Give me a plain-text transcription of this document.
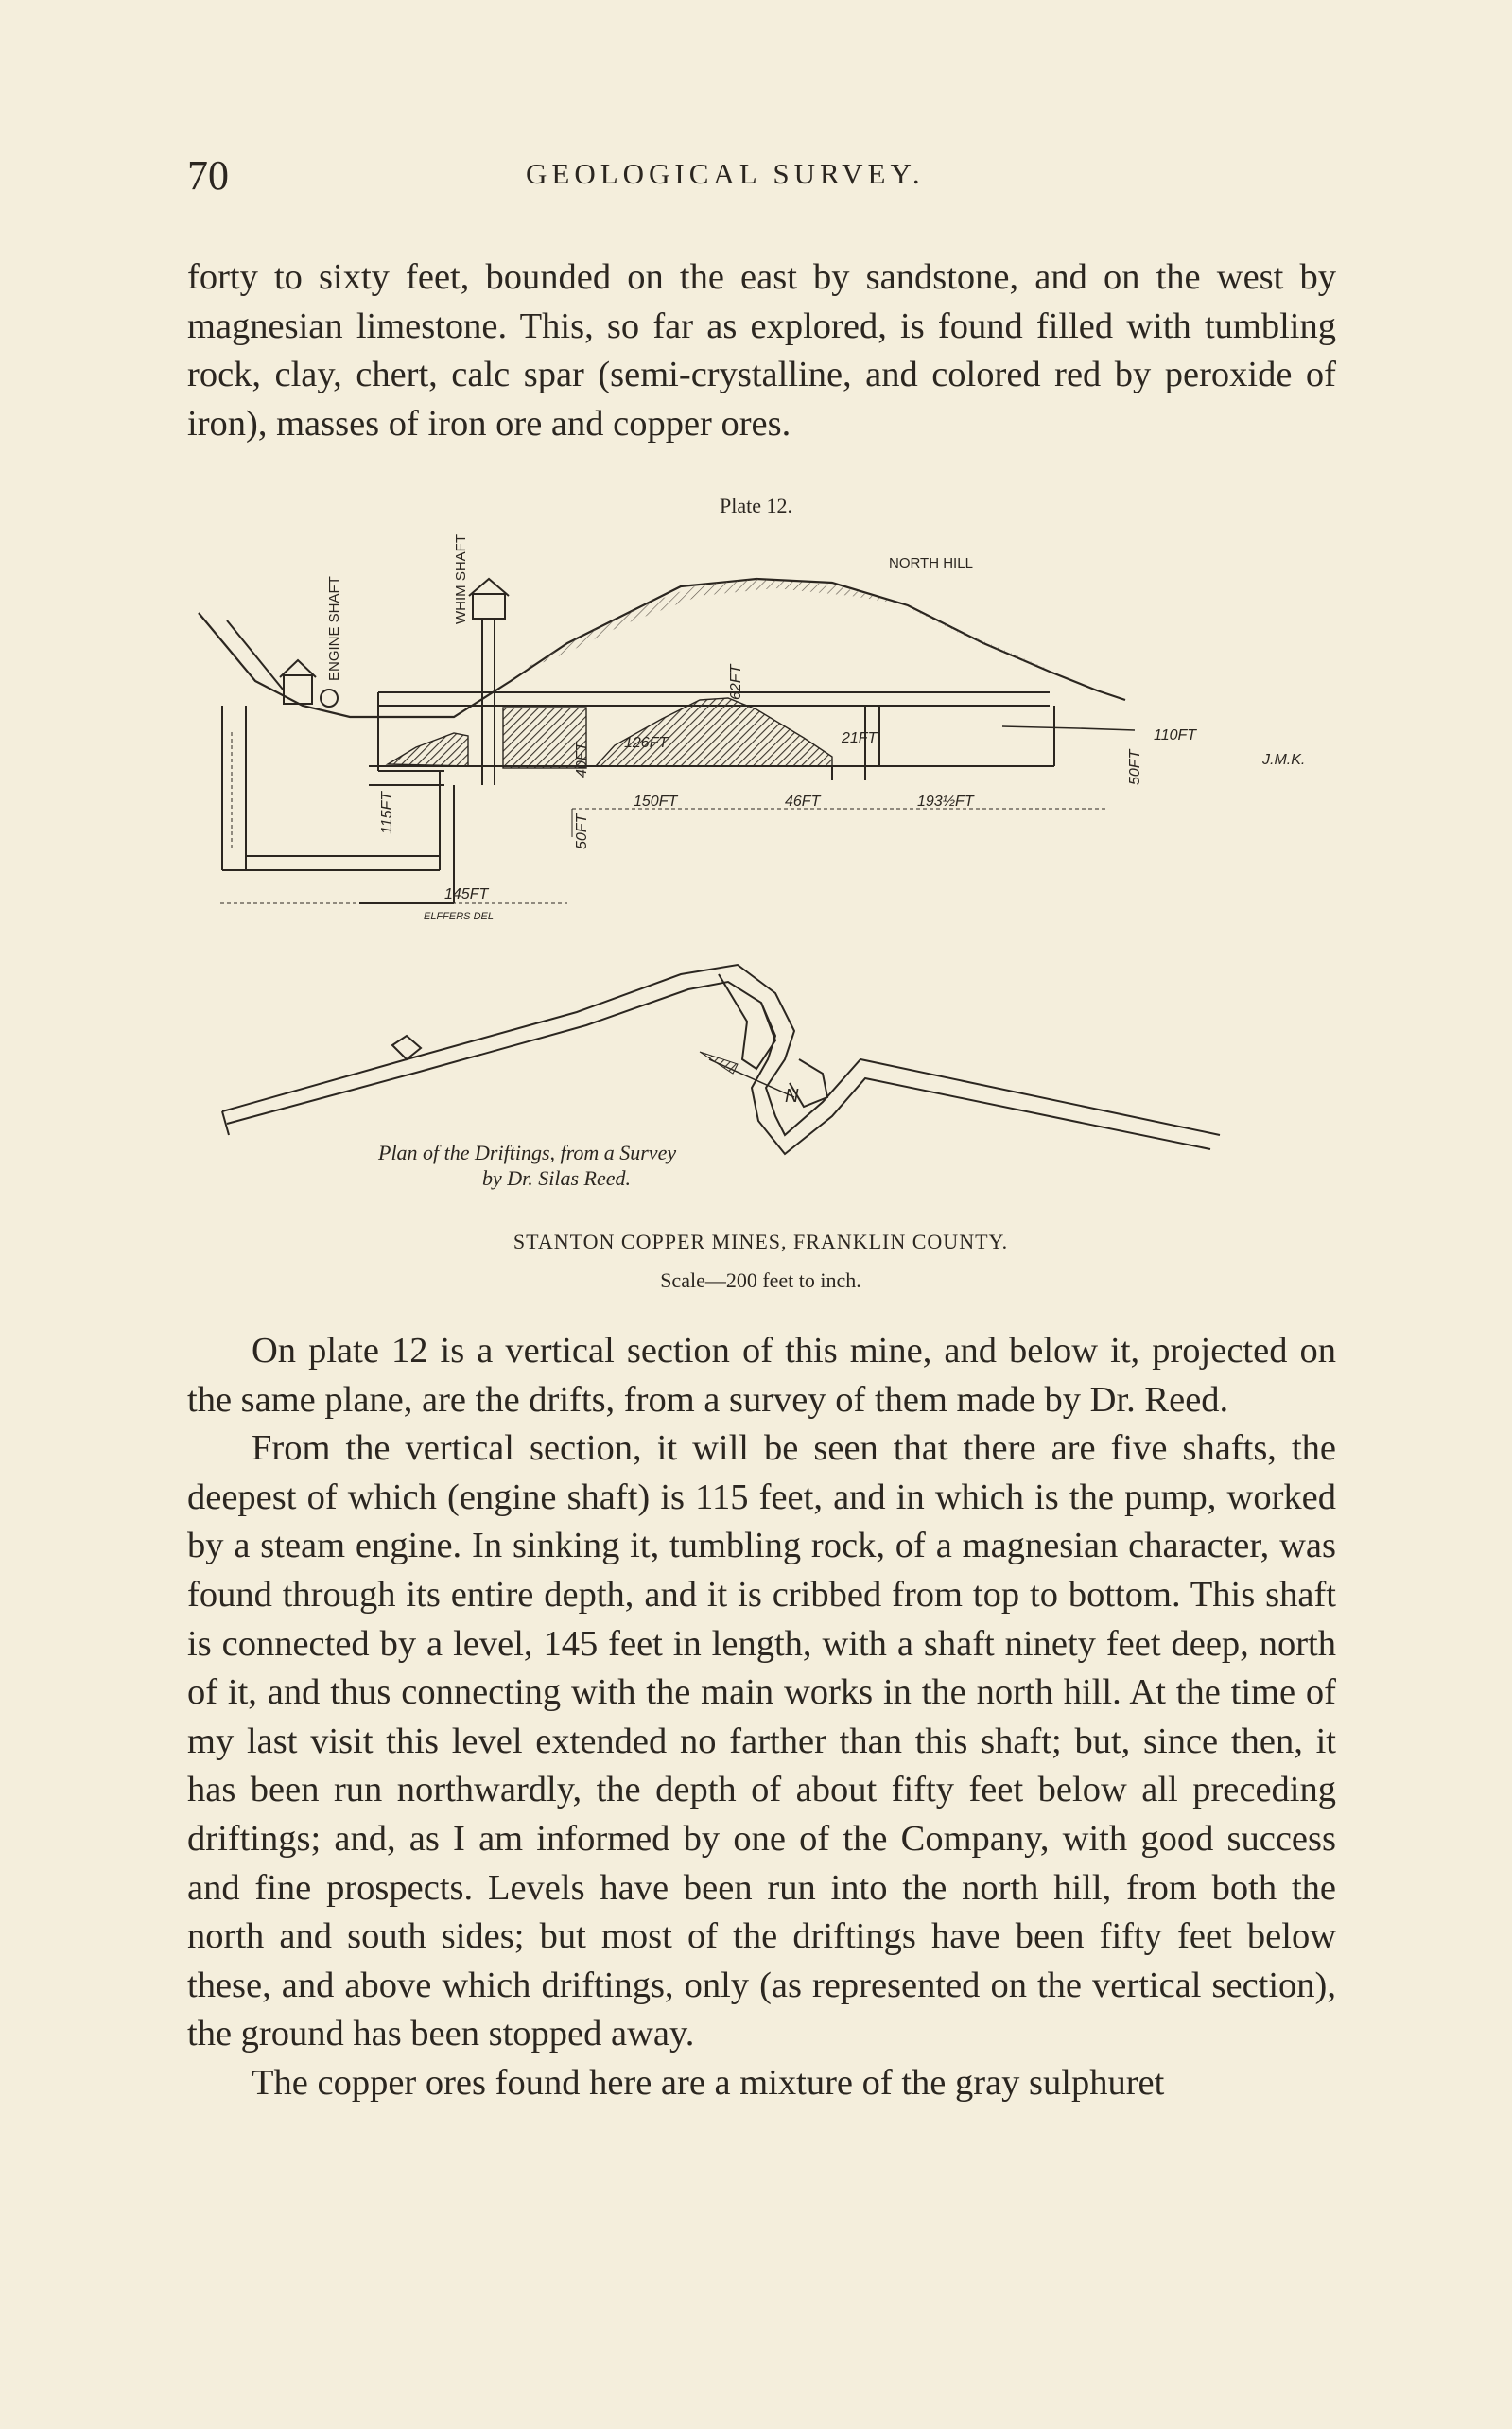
70	GEOLOGICAL SURVEY.

forty to sixty feet, bounded on the east by sandstone, and on the west by magnesian limestone. This, so far as explored, is found filled with tumbling rock, clay, chert, calc spar (semi-crystalline, and colored red by peroxide of iron), masses of iron ore and copper ores.

Plate 12.
ENGINE SHAFT	WHIM SHAFT	NORTH HILL
J.M.K.
126FT
62FT
21FT	110FT
40FT
115FT	50FT
50FT
150FT	46FT	193½FT
145FT
ELFFERS DEL
N
Plan of the Driftings, from a Survey
by Dr. Silas Reed.
STANTON COPPER MINES, FRANKLIN COUNTY.
Scale—200 feet to inch.

On plate 12 is a vertical section of this mine, and below it, projected on the same plane, are the drifts, from a survey of them made by Dr. Reed.

From the vertical section, it will be seen that there are five shafts, the deepest of which (engine shaft) is 115 feet, and in which is the pump, worked by a steam engine. In sinking it, tumbling rock, of a magnesian character, was found through its entire depth, and it is cribbed from top to bottom. This shaft is connected by a level, 145 feet in length, with a shaft ninety feet deep, north of it, and thus connecting with the main works in the north hill. At the time of my last visit this level extended no farther than this shaft; but, since then, it has been run northwardly, the depth of about fifty feet below all preceding driftings; and, as I am informed by one of the Company, with good success and fine prospects. Levels have been run into the north hill, from both the north and south sides; but most of the driftings have been fifty feet below these, and above which driftings, only (as represented on the vertical section), the ground has been stopped away.

The copper ores found here are a mixture of the gray sulphuret
